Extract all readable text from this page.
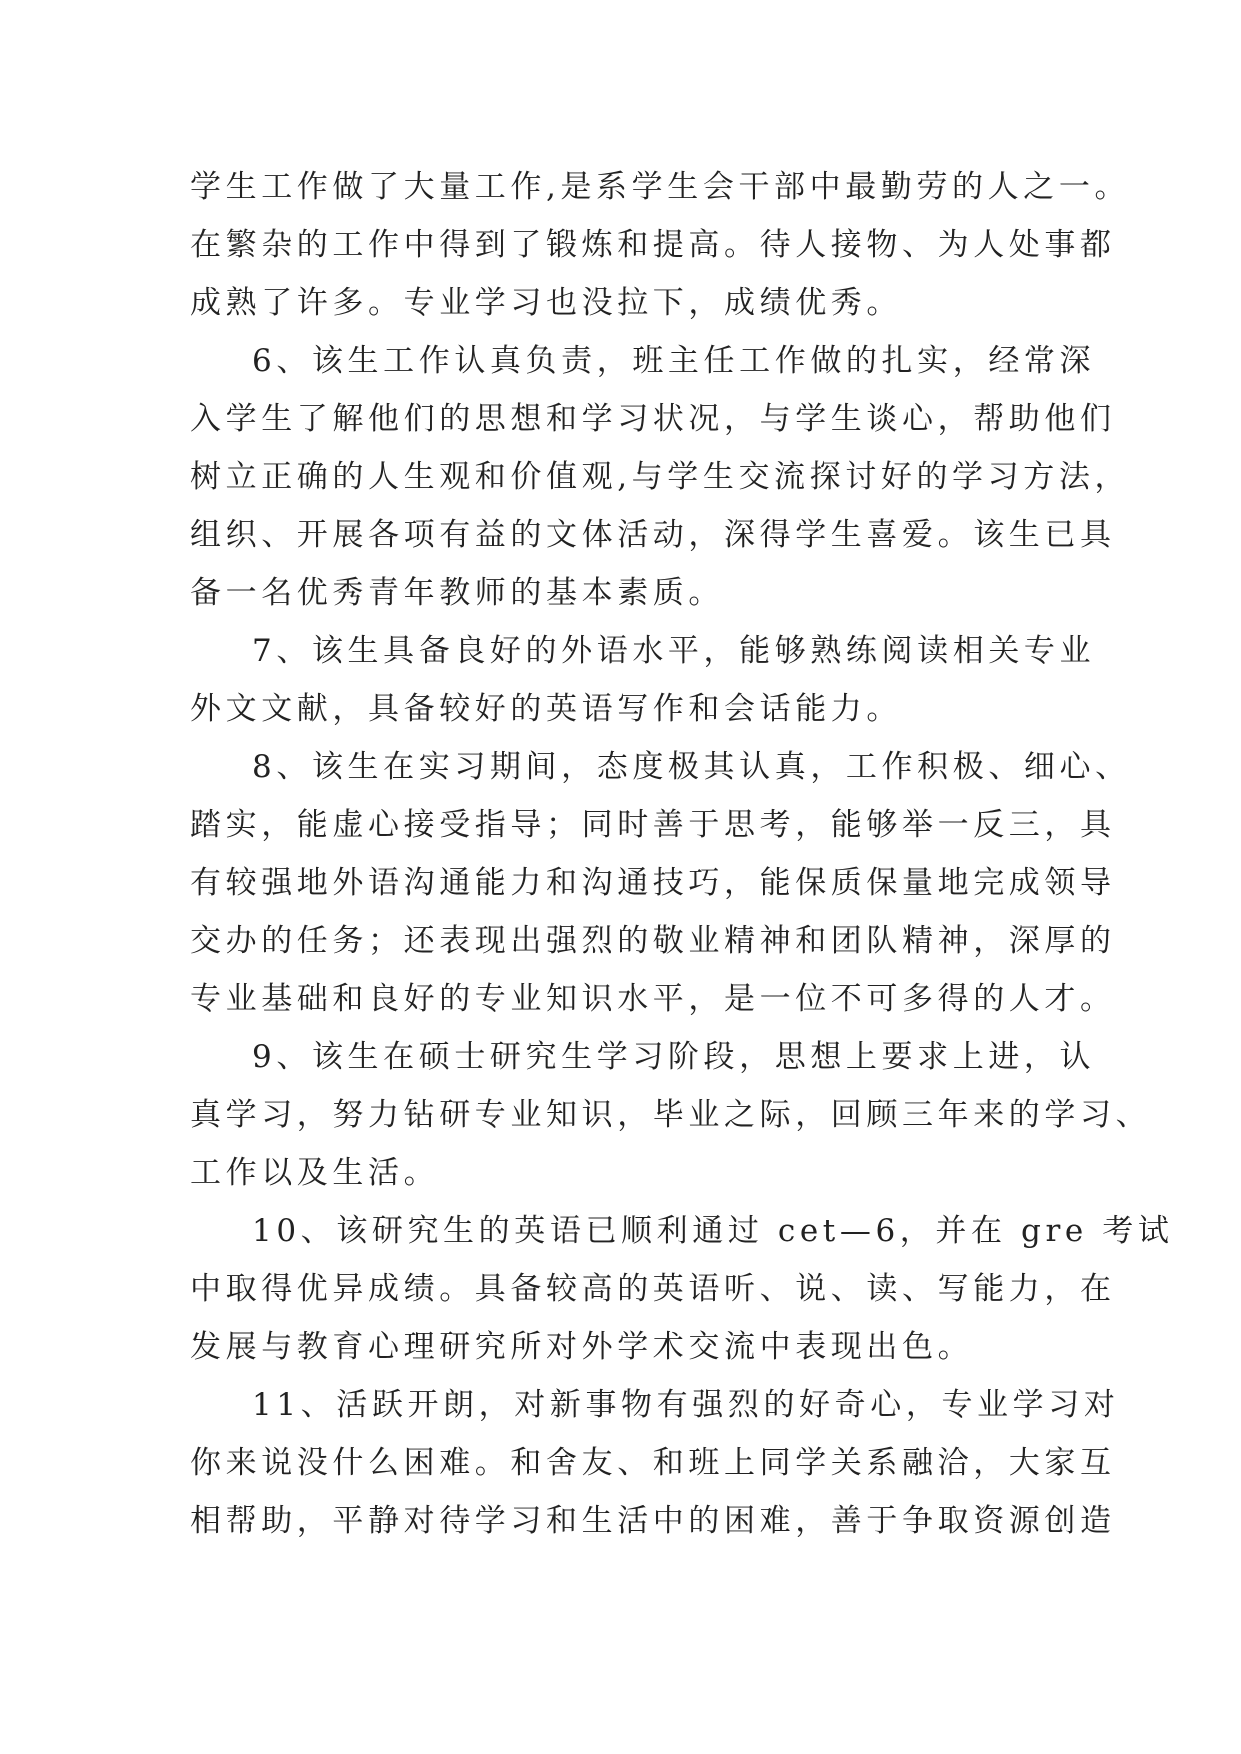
学生工作做了大量工作,是系学生会干部中最勤劳的人之一。
在繁杂的工作中得到了锻炼和提高。待人接物、为人处事都
成熟了许多。专业学习也没拉下，成绩优秀。
6、该生工作认真负责，班主任工作做的扎实，经常深
入学生了解他们的思想和学习状况，与学生谈心，帮助他们
树立正确的人生观和价值观,与学生交流探讨好的学习方法，
组织、开展各项有益的文体活动，深得学生喜爱。该生已具
备一名优秀青年教师的基本素质。
7、该生具备良好的外语水平，能够熟练阅读相关专业
外文文献，具备较好的英语写作和会话能力。
8、该生在实习期间，态度极其认真，工作积极、细心、
踏实，能虚心接受指导；同时善于思考，能够举一反三，具
有较强地外语沟通能力和沟通技巧，能保质保量地完成领导
交办的任务；还表现出强烈的敬业精神和团队精神，深厚的
专业基础和良好的专业知识水平，是一位不可多得的人才。
9、该生在硕士研究生学习阶段，思想上要求上进，认
真学习，努力钻研专业知识，毕业之际，回顾三年来的学习、
工作以及生活。
10、该研究生的英语已顺利通过 cet—6，并在 gre 考试
中取得优异成绩。具备较高的英语听、说、读、写能力，在
发展与教育心理研究所对外学术交流中表现出色。
11、活跃开朗，对新事物有强烈的好奇心，专业学习对
你来说没什么困难。和舍友、和班上同学关系融洽，大家互
相帮助，平静对待学习和生活中的困难，善于争取资源创造
